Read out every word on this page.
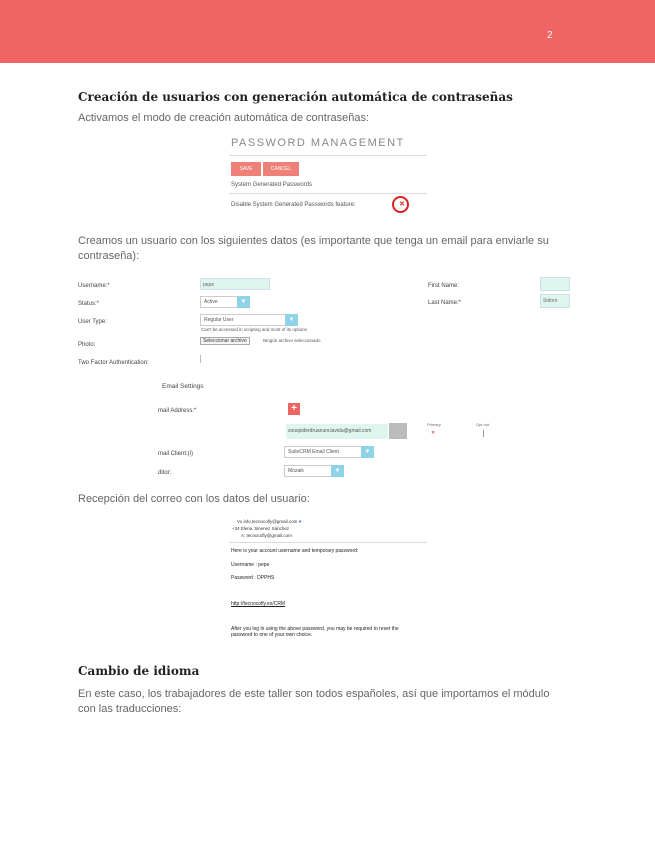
2
Creación de usuarios con generación automática de contraseñas
Activamos el modo de creación automática de contraseñas:
PASSWORD MANAGEMENT
SAVE	CANCEL
System Generated Passwords
Disable System Generated Passwords feature:	✕
Creamos un usuario con los siguientes datos (es importante que tenga un email para enviarle su
contraseña):
Username:*	pepe
Status:*	Active	▼
User Type:	Regular User	▼
Can't be accessed in scripting and most of its options
Photo:
Seleccionar archivo	Ningún archivo seleccionado
Two Factor Authentication:
First Name:
Last Name:*	Sidorn
Email Settings
mail Address:*	+
zoospiderdruanunciavida@gmail.com
Primary	Opt out
✕
mail Client:(i)	SuiteCRM Email Client	▼
ditor:	Mozaik	▼
Recepción del correo con los datos del usuario:
Vx info.tecnocofly@gmail.com ♥
+34 Elena Jimenez Sánchez
A: tecnocofly@gmail.com
Here is your account username and temporary password:
Username : pepe
Password : DPPHS
http://tecnocofly.es/CRM
After you log in using the above password, you may be required to reset the
password to one of your own choice.
Cambio de idioma
En este caso, los trabajadores de este taller son todos españoles, así que importamos el módulo
con las traducciones:
